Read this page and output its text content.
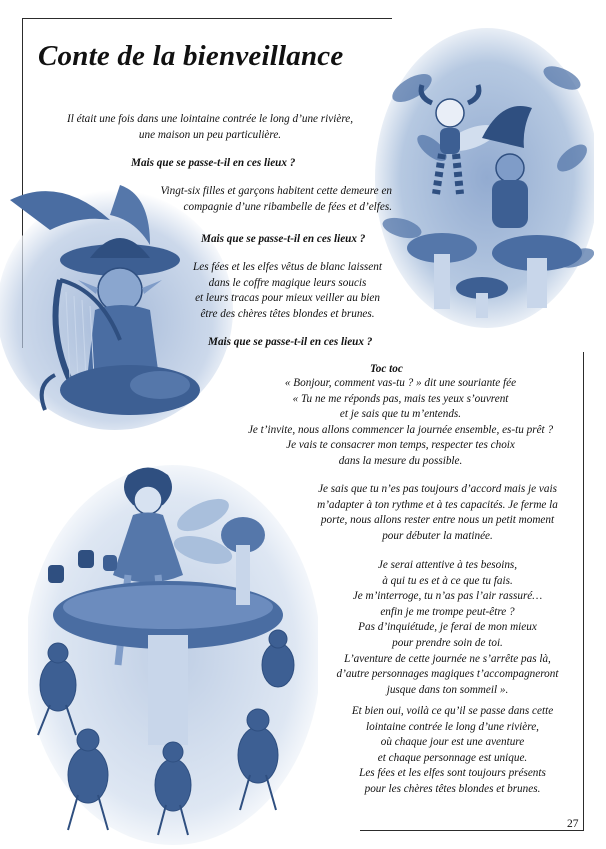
Conte de la bienveillance
Il était une fois dans une lointaine contrée le long d’une rivière,
une maison un peu particulière.
Mais que se passe-t-il en ces lieux ?
Vingt-six filles et garçons habitent cette demeure en
compagnie d’une ribambelle de fées et d’elfes.
Mais que se passe-t-il en ces lieux ?
Les fées et les elfes vêtus de blanc laissent
dans le coffre magique leurs soucis
et leurs tracas pour mieux veiller au bien
être des chères têtes blondes et brunes.
Mais que se passe-t-il en ces lieux ?
Toc toc
« Bonjour, comment vas-tu ? » dit une souriante fée
« Tu ne me réponds pas, mais tes yeux s’ouvrent
et je sais que tu m’entends.
Je t’invite, nous allons commencer la journée ensemble, es-tu prêt ?
Je vais te consacrer mon temps, respecter tes choix
dans la mesure du possible.
Je sais que tu n’es pas toujours d’accord mais je vais
m’adapter à ton rythme et à tes capacités. Je ferme la
porte, nous allons rester entre nous un petit moment
pour débuter la matinée.
Je serai attentive à tes besoins,
à qui tu es et à ce que tu fais.
Je m’interroge, tu n’as pas l’air rassuré…
enfin je me trompe peut-être ?
Pas d’inquiétude, je ferai de mon mieux
pour prendre soin de toi.
L’aventure de cette journée ne s’arrête pas là,
d’autre personnages magiques t’accompagneront
jusque dans ton sommeil ».
Et bien oui, voilà ce qu’il se passe dans cette
lointaine contrée le long d’une rivière,
où chaque jour est une aventure
et chaque personnage est unique.
Les fées et les elfes sont toujours présents
pour les chères têtes blondes et brunes.
27
